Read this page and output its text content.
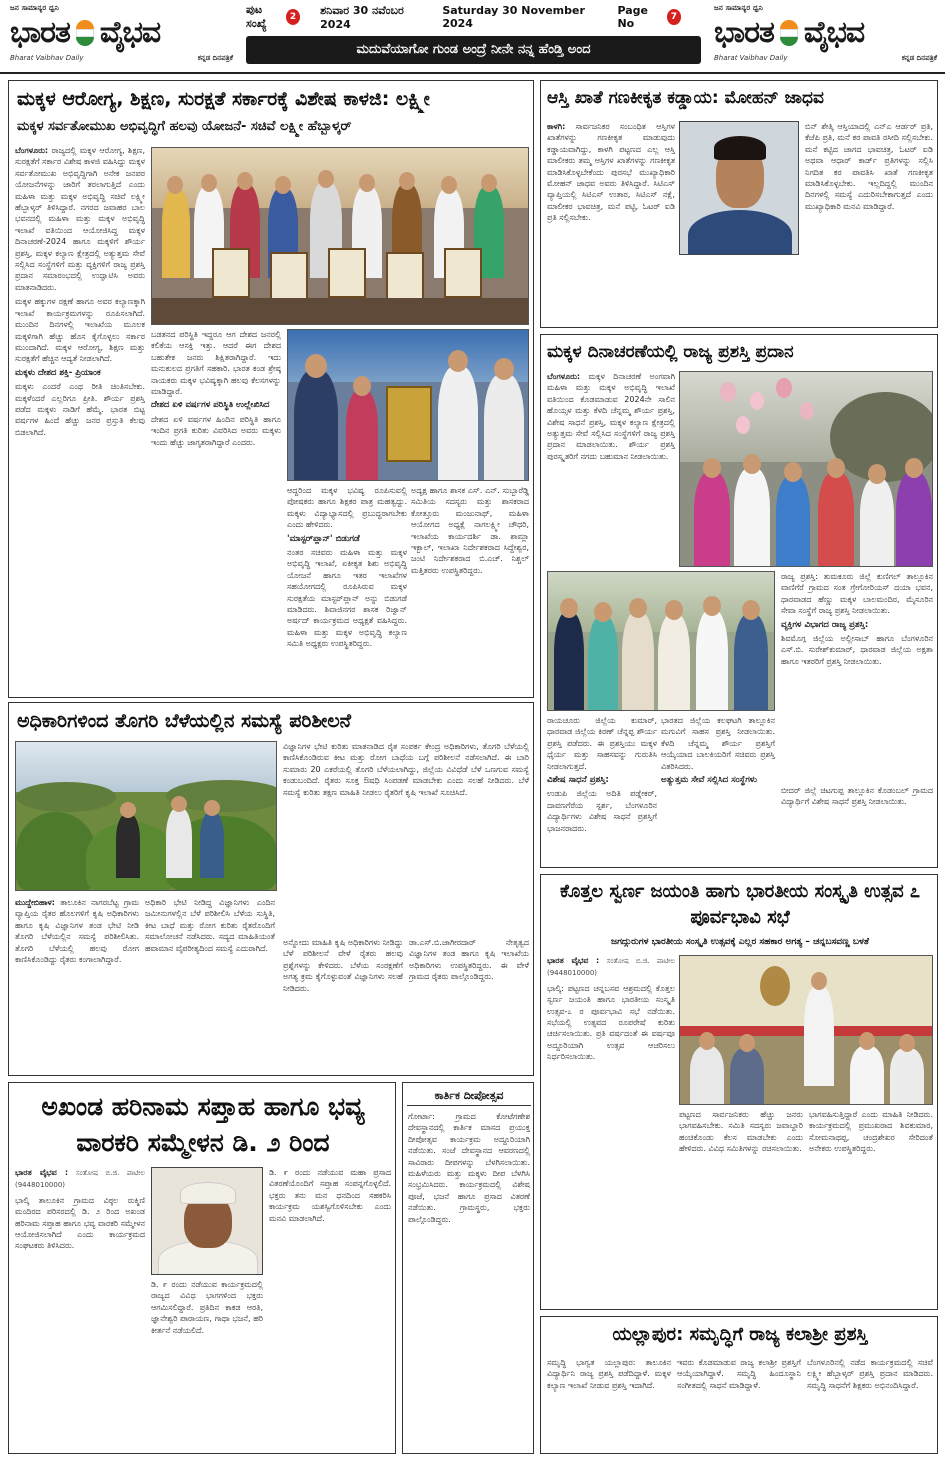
ಜನ ಸಾಮಾನ್ಯರ ಧ್ವನಿ
ಭಾರತ ವೈಭವ
Bharat Vaibhav Daily	ಕನ್ನಡ ದಿನಪತ್ರಿಕೆ
ಪುಟ ಸಂಖ್ಯೆ	2
ಶನಿವಾರ 30 ನವೆಂಬರ 2024
Saturday 30 November 2024
Page No	7
ಮದುವೆಯಾಗೋ ಗುಂಡ ಅಂದ್ರೆ ನೀನೇ ನನ್ನ ಹೆಂಡ್ತಿ ಅಂದ
ಜನ ಸಾಮಾನ್ಯರ ಧ್ವನಿ
ಭಾರತ ವೈಭವ
Bharat Vaibhav Daily	ಕನ್ನಡ ದಿನಪತ್ರಿಕೆ
ಮಕ್ಕಳ ಆರೋಗ್ಯ, ಶಿಕ್ಷಣ, ಸುರಕ್ಷತೆ ಸರ್ಕಾರಕ್ಕೆ ವಿಶೇಷ ಕಾಳಜಿ: ಲಕ್ಷ್ಮೀ
ಮಕ್ಕಳ ಸರ್ವತೋಮುಖ ಅಭಿವೃದ್ಧಿಗೆ ಹಲವು ಯೋಜನೆ- ಸಚಿವೆ ಲಕ್ಷ್ಮೀ ಹೆಬ್ಬಾಳ್ಕರ್

ಬೆಂಗಳೂರು: ರಾಜ್ಯದಲ್ಲಿ ಮಕ್ಕಳ ಆರೋಗ್ಯ, ಶಿಕ್ಷಣ, ಸುರಕ್ಷತೆಗೆ ಸರ್ಕಾರ ವಿಶೇಷ ಕಾಳಜಿ ವಹಿಸಿದ್ದು ಮಕ್ಕಳ ಸರ್ವತೋಮುಖ ಅಭಿವೃದ್ಧಿಗಾಗಿ ಅನೇಕ ಜನಪರ ಯೋಜನೆಗಳನ್ನು ಜಾರಿಗೆ ತರಲಾಗುತ್ತಿದೆ ಎಂದು ಮಹಿಳಾ ಮತ್ತು ಮಕ್ಕಳ ಅಭಿವೃದ್ಧಿ ಸಚಿವೆ ಲಕ್ಷ್ಮೀ ಹೆಬ್ಬಾಳ್ಕರ್ ತಿಳಿಸಿದ್ದಾರೆ. ನಗರದ ಜವಾಹರ ಬಾಲ ಭವನದಲ್ಲಿ ಮಹಿಳಾ ಮತ್ತು ಮಕ್ಕಳ ಅಭಿವೃದ್ಧಿ ಇಲಾಖೆ ವತಿಯಿಂದ ಆಯೋಜಿಸಿದ್ದ ಮಕ್ಕಳ ದಿನಾಚರಣೆ-2024 ಹಾಗೂ ಮಕ್ಕಳಿಗೆ ಶೌರ್ಯ ಪ್ರಶಸ್ತಿ, ಮಕ್ಕಳ ಕಲ್ಯಾಣ ಕ್ಷೇತ್ರದಲ್ಲಿ ಅತ್ಯುತ್ತಮ ಸೇವೆ ಸಲ್ಲಿಸಿದ ಸಂಸ್ಥೆಗಳಿಗೆ ಮತ್ತು ವ್ಯಕ್ತಿಗಳಿಗೆ ರಾಜ್ಯ ಪ್ರಶಸ್ತಿ ಪ್ರದಾನ ಸಮಾರಂಭದಲ್ಲಿ ಉದ್ಘಾಟಿಸಿ ಅವರು ಮಾತನಾಡಿದರು.

ಮಕ್ಕಳ ಹಕ್ಕುಗಳ ರಕ್ಷಣೆ ಹಾಗೂ ಅವರ ಕಲ್ಯಾಣಕ್ಕಾಗಿ ಇಲಾಖೆ ಕಾರ್ಯಕ್ರಮಗಳನ್ನು ರೂಪಿಸಲಾಗಿದೆ. ಮುಂದಿನ ದಿನಗಳಲ್ಲಿ ಇಲಾಖೆಯ ಮೂಲಕ ಮಕ್ಕಳಿಗಾಗಿ ಹೆಚ್ಚು ಹೊಸ ಕೈಗೊಳ್ಳಲು ಸರ್ಕಾರ ಮುಂದಾಗಿದೆ. ಮಕ್ಕಳ ಆರೋಗ್ಯ, ಶಿಕ್ಷಣ ಮತ್ತು ಸುರಕ್ಷತೆಗೆ ಹೆಚ್ಚಿನ ಆದ್ಯತೆ ನೀಡಲಾಗಿದೆ.

ಮಕ್ಕಳು ದೇಶದ ಶಕ್ತಿ- ಪ್ರಿಯಾಂಕ

ಮಕ್ಕಳು ಎಂದರೆ ಎಂಥ ರೀತಿ ಚಿಂತಿಸಬೇಕು. ಮಕ್ಕಳೆಂದರೆ ಎಲ್ಲರಿಗೂ ಪ್ರೀತಿ. ಶೌರ್ಯ ಪ್ರಶಸ್ತಿ ಪಡೆದ ಮಕ್ಕಳು ನಾಡಿಗೆ ಹೆಮ್ಮೆ. ಭಾರತ ಬಿಟ್ಟ ವರ್ಷಗಳ ಹಿಂದೆ ಹೆಚ್ಚು ಜನರ ಪ್ರಸ್ತುತಿ ಕೆಲವು ಬಿಡಲಾಗಿದೆ.

ಬಡತನದ ಪರಿಸ್ಥಿತಿ ಇದ್ದರೂ ಆಗ ದೇಶದ ಜನರಲ್ಲಿ ಕಲಿಕೆಯ ಆಸಕ್ತಿ ಇತ್ತು. ಆದರೆ ಈಗ ದೇಶದ ಬಹುತೇಕ ಜನರು ಶಿಕ್ಷಿತರಾಗಿದ್ದಾರೆ. ಇದು ಮನುಕುಲದ ಪ್ರಗತಿಗೆ ಸಹಕಾರಿ. ಭಾರತ ಕಂಡ ಶ್ರೇಷ್ಠ ನಾಯಕರು ಮಕ್ಕಳ ಭವಿಷ್ಯಕ್ಕಾಗಿ ಹಲವು ಕೆಲಸಗಳನ್ನು ಮಾಡಿದ್ದಾರೆ.

ದೇಶದ ಏಳಿ ವರ್ಷಗಳ ಪರಿಸ್ಥಿತಿ ಉಲ್ಲೇಖಿಸಿದ

ದೇಶದ ಏಳಿ ವರ್ಷಗಳ ಹಿಂದಿನ ಪರಿಸ್ಥಿತಿ ಹಾಗೂ ಇಂದಿನ ಪ್ರಗತಿ ಕುರಿತು ವಿವರಿಸಿದ ಅವರು ಮಕ್ಕಳು ಇಂದು ಹೆಚ್ಚು ಜಾಗೃತರಾಗಿದ್ದಾರೆ ಎಂದರು.

ಆದ್ದರಿಂದ ಮಕ್ಕಳ ಭವಿಷ್ಯ ರೂಪಿಸುವಲ್ಲಿ ಪೋಷಕರು ಹಾಗೂ ಶಿಕ್ಷಕರ ಪಾತ್ರ ಮಹತ್ವದ್ದು. ಮಕ್ಕಳು ವಿದ್ಯಾಭ್ಯಾಸದಲ್ಲಿ ಪ್ರಬುದ್ಧರಾಗಬೇಕು ಎಂದು ಹೇಳಿದರು.

'ಮಾಸ್ಟರ್‌ಪ್ಲಾನ್' ಬಿಡುಗಡೆ

ನಂತರ ಸಚಿವರು ಮಹಿಳಾ ಮತ್ತು ಮಕ್ಕಳ ಅಭಿವೃದ್ಧಿ ಇಲಾಖೆ, ಏಕೀಕೃತ ಶಿಶು ಅಭಿವೃದ್ಧಿ ಯೋಜನೆ ಹಾಗೂ ಇತರ ಇಲಾಖೆಗಳ ಸಹಯೋಗದಲ್ಲಿ ರೂಪಿಸಿರುವ ಮಕ್ಕಳ ಸುರಕ್ಷತೆಯ ಮಾಸ್ಟರ್‌ಪ್ಲಾನ್ ಅನ್ನು ಬಿಡುಗಡೆ ಮಾಡಿದರು. ಶಿವಾಜಿನಗರ ಶಾಸಕ ರಿಜ್ವಾನ್ ಅರ್ಷದ್ ಕಾರ್ಯಕ್ರಮದ ಅಧ್ಯಕ್ಷತೆ ವಹಿಸಿದ್ದರು. ಮಹಿಳಾ ಮತ್ತು ಮಕ್ಕಳ ಅಭಿವೃದ್ಧಿ ಕಲ್ಯಾಣ ಸಮಿತಿ ಅಧ್ಯಕ್ಷರು ಉಪಸ್ಥಿತರಿದ್ದರು.

ಅದ್ಯಕ್ಷ ಹಾಗೂ ಶಾಸಕ ಎಸ್. ಎನ್. ಸುಬ್ಬಾರೆಡ್ಡಿ ಸಮಿತಿಯ ಸದಸ್ಯರು ಮತ್ತು ಶಾಸಕರಾದ ಕೋತ್ತೂರು ಮಂಜುನಾಥ್, ಮಹಿಳಾ ಆಯೋಗದ ಅಧ್ಯಕ್ಷೆ ನಾಗಲಕ್ಷ್ಮೀ ಚೌಧರಿ, ಇಲಾಖೆಯ ಕಾರ್ಯದರ್ಶಿ ಡಾ. ಶಾಮ್ಲಾ ಇಕ್ಬಾಲ್, ಇಲಾಖಾ ನಿರ್ದೇಶಕರಾದ ಸಿದ್ದೇಶ್ವರ, ಜಂಟಿ ನಿರ್ದೇಶಕರಾದ ಬಿ.ಎಚ್. ನಿಶ್ಚಲ್ ಮತ್ತಿತರರು ಉಪಸ್ಥಿತರಿದ್ದರು.

ಆಸ್ತಿ ಖಾತೆ ಗಣಕೀಕೃತ ಕಡ್ಡಾಯ: ಮೋಹನ್ ಜಾಧವ

ಕಾಳಗಿ: ಸಾರ್ವಜನಿಕರ ಸಂಬಂಧಿತ ಆಸ್ತಿಗಳ ಖಾತೆಗಳನ್ನು ಗಣಕೀಕೃತ ಮಾಡುವುದು ಕಡ್ಡಾಯವಾಗಿದ್ದು, ಕಾಳಗಿ ಪಟ್ಟಣದ ಎಲ್ಲ ಆಸ್ತಿ ಮಾಲೀಕರು ತಮ್ಮ ಆಸ್ತಿಗಳ ಖಾತೆಗಳನ್ನು ಗಣಕೀಕೃತ ಮಾಡಿಸಿಕೊಳ್ಳಬೇಕೆಂದು ಪುರಸಭೆ ಮುಖ್ಯಾಧಿಕಾರಿ ಮೋಹನ್ ಜಾಧವ ಅವರು ತಿಳಿಸಿದ್ದಾರೆ. ಸಿಟಿಎಸ್ ವ್ಯಾಪ್ತಿಯಲ್ಲಿ ಸಿಟಿಎಸ್ ಉತಾರ, ಸಿಟಿಎಸ್ ನಕ್ಷೆ, ಮಾಲೀಕರ ಭಾವಚಿತ್ರ, ಮನೆ ಪಟ್ಟಿ, ಓಟರ್ ಐಡಿ ಪ್ರತಿ ಸಲ್ಲಿಸಬೇಕು.

ಬಿನ್ ಶೇತ್ಕಿ ಆಸ್ತಿಯಾದಲ್ಲಿ ಎನ್‌ಎ ಆರ್ಡರ್ ಪ್ರತಿ, ಕೆಜೆಪಿ ಪ್ರತಿ, ಮನೆ ಕರ ಪಾವತಿ ರಸೀದಿ ಸಲ್ಲಿಸಬೇಕು. ಮನೆ ಕಟ್ಟಿದ ಜಾಗದ ಭಾವಚಿತ್ರ, ಓಟರ್ ಐಡಿ ಅಥವಾ ಆಧಾರ್ ಕಾರ್ಡ್ ಪ್ರತಿಗಳನ್ನು ಸಲ್ಲಿಸಿ ನಿಗದಿತ ಕರ ಪಾವತಿಸಿ ಖಾತೆ ಗಣಕೀಕೃತ ಮಾಡಿಸಿಕೊಳ್ಳಬೇಕು. ಇಲ್ಲದಿದ್ದಲ್ಲಿ ಮುಂದಿನ ದಿನಗಳಲ್ಲಿ ಸಮಸ್ಯೆ ಎದುರಿಸಬೇಕಾಗುತ್ತದೆ ಎಂದು ಮುಖ್ಯಾಧಿಕಾರಿ ಮನವಿ ಮಾಡಿದ್ದಾರೆ.

ಮಕ್ಕಳ ದಿನಾಚರಣೆಯಲ್ಲಿ ರಾಜ್ಯ ಪ್ರಶಸ್ತಿ ಪ್ರದಾನ

ಬೆಂಗಳೂರು: ಮಕ್ಕಳ ದಿನಾಚರಣೆ ಅಂಗವಾಗಿ ಮಹಿಳಾ ಮತ್ತು ಮಕ್ಕಳ ಅಭಿವೃದ್ಧಿ ಇಲಾಖೆ ವತಿಯಿಂದ ಕೊಡಮಾಡುವ 2024ನೇ ಸಾಲಿನ ಹೊಯ್ಸಳ ಮತ್ತು ಕೆಳದಿ ಚೆನ್ನಮ್ಮ ಶೌರ್ಯ ಪ್ರಶಸ್ತಿ, ವಿಶೇಷ ಸಾಧನೆ ಪ್ರಶಸ್ತಿ, ಮಕ್ಕಳ ಕಲ್ಯಾಣ ಕ್ಷೇತ್ರದಲ್ಲಿ ಅತ್ಯುತ್ತಮ ಸೇವೆ ಸಲ್ಲಿಸಿದ ಸಂಸ್ಥೆಗಳಿಗೆ ರಾಜ್ಯ ಪ್ರಶಸ್ತಿ ಪ್ರದಾನ ಮಾಡಲಾಯಿತು. ಶೌರ್ಯ ಪ್ರಶಸ್ತಿ ಪುರಸ್ಕೃತರಿಗೆ ನಗದು ಬಹುಮಾನ ನೀಡಲಾಯಿತು.

ರಾಜ್ಯ ಪ್ರಶಸ್ತಿ: ತುಮಕೂರು ಜಿಲ್ಲೆ ಕುಣಿಗಲ್ ತಾಲ್ಲೂಕಿನ ವಾಣಿಗೆರೆ ಗ್ರಾಮದ ಸಂತ ಗ್ರೇಗೋರಿಯಸ್ ದಯಾ ಭವನ, ಧಾರವಾಡದ ಹೆಣ್ಣು ಮಕ್ಕಳ ಬಾಲಮಂದಿರ, ಮೈಸೂರಿನ ಸೇವಾ ಸಂಸ್ಥೆಗೆ ರಾಜ್ಯ ಪ್ರಶಸ್ತಿ ನೀಡಲಾಯಿತು.

ವ್ಯಕ್ತಿಗಳ ವಿಭಾಗದ ರಾಜ್ಯ ಪ್ರಶಸ್ತಿ:

ಶಿವಮೊಗ್ಗ ಜಿಲ್ಲೆಯ ಅಲ್ಲೀಸಾಬ್ ಹಾಗೂ ಬೆಂಗಳೂರಿನ ಎಸ್.ಬಿ. ಸುರೇಶ್‌ಕುಮಾರ್, ಧಾರವಾಡ ಜಿಲ್ಲೆಯ ಅಕ್ಷತಾ ಹಾಗೂ ಇತರರಿಗೆ ಪ್ರಶಸ್ತಿ ನೀಡಲಾಯಿತು.

ರಾಯಚೂರು ಜಿಲ್ಲೆಯ ಕುಮಾರ್, ಧಾರವಾಡ ಜಿಲ್ಲೆಯ ಕಿರಣ್ ಚೆನ್ನಪ್ಪ ಶೌರ್ಯ ಪ್ರಶಸ್ತಿ ಪಡೆದರು. ಈ ಪ್ರಶಸ್ತಿಯು ಮಕ್ಕಳ ಧೈರ್ಯ ಮತ್ತು ಸಾಹಸವನ್ನು ಗುರುತಿಸಿ ನೀಡಲಾಗುತ್ತದೆ.

ವಿಶೇಷ ಸಾಧನೆ ಪ್ರಶಸ್ತಿ:

ಉಡುಪಿ ಜಿಲ್ಲೆಯ ಅದಿತಿ ಪಡ್ನೇಕರ್, ದಾವಣಗೆರೆಯ ಸ್ಪರ್ಶ, ಬೆಂಗಳೂರಿನ ವಿದ್ಯಾರ್ಥಿಗಳು ವಿಶೇಷ ಸಾಧನೆ ಪ್ರಶಸ್ತಿಗೆ ಭಾಜನರಾದರು.

ಭಾರತದ ಜಿಲ್ಲೆಯ ಕಲಘಟಗಿ ತಾಲ್ಲೂಕಿನ ಮಗುವಿಗೆ ಸಾಹಸ ಪ್ರಶಸ್ತಿ ನೀಡಲಾಯಿತು. ಕೆಳದಿ ಚೆನ್ನಮ್ಮ ಶೌರ್ಯ ಪ್ರಶಸ್ತಿಗೆ ಆಯ್ಕೆಯಾದ ಬಾಲಕಿಯರಿಗೆ ಸಚಿವರು ಪ್ರಶಸ್ತಿ ವಿತರಿಸಿದರು.

ಅತ್ಯುತ್ತಮ ಸೇವೆ ಸಲ್ಲಿಸಿದ ಸಂಸ್ಥೆಗಳು

ಬೀದರ್ ಜಿಲ್ಲೆ ಚಿಟಗುಪ್ಪ ತಾಲ್ಲೂಕಿನ ಕೊಡಂಬಲ್ ಗ್ರಾಮದ ವಿದ್ಯಾರ್ಥಿಗೆ ವಿಶೇಷ ಸಾಧನೆ ಪ್ರಶಸ್ತಿ ನೀಡಲಾಯಿತು.

ಅಧಿಕಾರಿಗಳಿಂದ ತೊಗರಿ ಬೆಳೆಯಲ್ಲಿನ ಸಮಸ್ಯೆ ಪರಿಶೀಲನೆ

ವಿಜ್ಞಾನಿಗಳ ಭೇಟಿ ಕುರಿತು ಮಾತನಾಡಿದ ರೈತ ಸಂಪರ್ಕ ಕೇಂದ್ರ ಅಧಿಕಾರಿಗಳು, ತೊಗರಿ ಬೆಳೆಯಲ್ಲಿ ಕಾಣಿಸಿಕೊಂಡಿರುವ ಕೀಟ ಮತ್ತು ರೋಗ ಬಾಧೆಯ ಬಗ್ಗೆ ಪರಿಶೀಲನೆ ನಡೆಸಲಾಗಿದೆ. ಈ ಬಾರಿ ಸುಮಾರು 20 ಎಕರೆಯಲ್ಲಿ ತೊಗರಿ ಬೆಳೆಯಲಾಗಿದ್ದು, ಜಿಲ್ಲೆಯ ವಿವಿಧೆಡೆ ಬೆಳೆ ಒಣಗುವ ಸಮಸ್ಯೆ ಕಂಡುಬಂದಿದೆ. ರೈತರು ಸೂಕ್ತ ಔಷಧಿ ಸಿಂಪಡಣೆ ಮಾಡಬೇಕು ಎಂದು ಸಲಹೆ ನೀಡಿದರು. ಬೆಳೆ ಸಮಸ್ಯೆ ಕುರಿತು ತಕ್ಷಣ ಮಾಹಿತಿ ನೀಡಲು ರೈತರಿಗೆ ಕೃಷಿ ಇಲಾಖೆ ಸೂಚಿಸಿದೆ.

ಮುದ್ದೇಬಿಹಾಳ: ತಾಲೂಕಿನ ನಾಗರಬೆಟ್ಟ ಗ್ರಾಮ ವ್ಯಾಪ್ತಿಯ ರೈತರ ಹೊಲಗಳಿಗೆ ಕೃಷಿ ಅಧಿಕಾರಿಗಳು ಹಾಗೂ ಕೃಷಿ ವಿಜ್ಞಾನಿಗಳ ತಂಡ ಭೇಟಿ ನೀಡಿ ತೊಗರಿ ಬೆಳೆಯಲ್ಲಿನ ಸಮಸ್ಯೆ ಪರಿಶೀಲಿಸಿತು. ತೊಗರಿ ಬೆಳೆಯಲ್ಲಿ ಹಲವು ರೋಗ ಕಾಣಿಸಿಕೊಂಡಿದ್ದು ರೈತರು ಕಂಗಾಲಾಗಿದ್ದಾರೆ.

ಅಧಿಕಾರಿ ಭೇಟಿ ನೀಡಿದ್ದ ವಿಜ್ಞಾನಿಗಳು ಎಂದಿನ ಜಮೀನುಗಳಲ್ಲಿನ ಬೆಳೆ ಪರಿಶೀಲಿಸಿ ಬೆಳೆಯ ಸುಸ್ಥಿತಿ, ಕೀಟ ಬಾಧೆ ಮತ್ತು ರೋಗ ಕುರಿತು ರೈತರೊಂದಿಗೆ ಸಮಾಲೋಚನೆ ನಡೆಸಿದರು. ಸದ್ಯದ ಮಾಹಿತಿಯಂತೆ ಹವಾಮಾನ ವೈಪರೀತ್ಯದಿಂದ ಸಮಸ್ಯೆ ಎದುರಾಗಿದೆ.

ಅನ್ನೋದು ಮಾಹಿತಿ ಕೃಷಿ ಅಧಿಕಾರಿಗಳು ನೀಡಿದ್ದು ಬೆಳೆ ಪರಿಶೀಲನೆ ವೇಳೆ ರೈತರು ಹಲವು ಪ್ರಶ್ನೆಗಳನ್ನು ಕೇಳಿದರು. ಬೆಳೆಯ ಸಂರಕ್ಷಣೆಗೆ ಅಗತ್ಯ ಕ್ರಮ ಕೈಗೊಳ್ಳುವಂತೆ ವಿಜ್ಞಾನಿಗಳು ಸಲಹೆ ನೀಡಿದರು.

ಡಾ.ಎಸ್.ಬಿ.ಜಾಗೀರದಾರ್ ನೇತೃತ್ವದ ವಿಜ್ಞಾನಿಗಳ ತಂಡ ಹಾಗೂ ಕೃಷಿ ಇಲಾಖೆಯ ಅಧಿಕಾರಿಗಳು ಉಪಸ್ಥಿತರಿದ್ದರು. ಈ ವೇಳೆ ಗ್ರಾಮದ ರೈತರು ಪಾಲ್ಗೊಂಡಿದ್ದರು.

ಅಖಂಡ ಹರಿನಾಮ ಸಪ್ತಾಹ ಹಾಗೂ ಭವ್ಯ ವಾರಕರಿ ಸಮ್ಮೇಳನ ಡಿ. ೨ ರಿಂದ

ಭಾರತ ವೈಭವ : ಸಂತೋಷ ಬಿ.ಜಿ. ಪಾಟೀಲ (9448010000)

ಭಾಲ್ಕಿ ತಾಲೂಕಿನ ಗ್ರಾಮದ ವಿಠ್ಠಲ ರುಕ್ಮಿಣಿ ಮಂದಿರದ ಪರಿಸರದಲ್ಲಿ ಡಿ. ೨ ರಿಂದ ಅಖಂಡ ಹರಿನಾಮ ಸಪ್ತಾಹ ಹಾಗೂ ಭವ್ಯ ವಾರಕರಿ ಸಮ್ಮೇಳನ ಆಯೋಜಿಸಲಾಗಿದೆ ಎಂದು ಕಾರ್ಯಕ್ರಮದ ಸಂಘಟಕರು ತಿಳಿಸಿದರು.

ಡಿ. ೯ ರಂದು ನಡೆಯುವ ಕಾರ್ಯಕ್ರಮದಲ್ಲಿ ರಾಜ್ಯದ ವಿವಿಧ ಭಾಗಗಳಿಂದ ಭಕ್ತರು ಆಗಮಿಸಲಿದ್ದಾರೆ. ಪ್ರತಿದಿನ ಕಾಕಡ ಆರತಿ, ಜ್ಞಾನೇಶ್ವರಿ ಪಾರಾಯಣ, ಗಾಥಾ ಭಜನೆ, ಹರಿ ಕೀರ್ತನೆ ನಡೆಯಲಿದೆ.

ಡಿ. ೯ ರಂದು ನಡೆಯುವ ಮಹಾ ಪ್ರಸಾದ ವಿತರಣೆಯೊಂದಿಗೆ ಸಪ್ತಾಹ ಸಂಪನ್ನಗೊಳ್ಳಲಿದೆ. ಭಕ್ತರು ತನು ಮನ ಧನದಿಂದ ಸಹಕರಿಸಿ ಕಾರ್ಯಕ್ರಮ ಯಶಸ್ವಿಗೊಳಿಸಬೇಕು ಎಂದು ಮನವಿ ಮಾಡಲಾಗಿದೆ.

ಕಾರ್ತಿಕ ದೀಪೋತ್ಸವ

ಗೋರ್ಟಾ: ಗ್ರಾಮದ ಕೋಟೆಗಣೇಶ ದೇವಸ್ಥಾನದಲ್ಲಿ ಕಾರ್ತಿಕ ಮಾಸದ ಪ್ರಯುಕ್ತ ದೀಪೋತ್ಸವ ಕಾರ್ಯಕ್ರಮ ಅದ್ದೂರಿಯಾಗಿ ನಡೆಯಿತು. ಸಂಜೆ ದೇವಸ್ಥಾನದ ಆವರಣದಲ್ಲಿ ಸಾವಿರಾರು ದೀಪಗಳನ್ನು ಬೆಳಗಿಸಲಾಯಿತು. ಮಹಿಳೆಯರು ಮತ್ತು ಮಕ್ಕಳು ದೀಪ ಬೆಳಗಿಸಿ ಸಂಭ್ರಮಿಸಿದರು. ಕಾರ್ಯಕ್ರಮದಲ್ಲಿ ವಿಶೇಷ ಪೂಜೆ, ಭಜನೆ ಹಾಗೂ ಪ್ರಸಾದ ವಿತರಣೆ ನಡೆಯಿತು. ಗ್ರಾಮಸ್ಥರು, ಭಕ್ತರು ಪಾಲ್ಗೊಂಡಿದ್ದರು.

ಕೊತ್ತಲ ಸ್ವರ್ಣ ಜಯಂತಿ ಹಾಗು ಭಾರತೀಯ ಸಂಸ್ಕೃತಿ ಉತ್ಸವ ೭ ಪೂರ್ವಭಾವಿ ಸಭೆ
ಜಗದ್ಗುರುಗಳ ಭಾರತೀಯ ಸಂಸ್ಕೃತಿ ಉತ್ಸವಕ್ಕೆ ಎಲ್ಲರ ಸಹಕಾರ ಅಗತ್ಯ – ಚನ್ನಬಸವಣ್ಣ ಬಳತೆ

ಭಾರತ ವೈಭವ : ಸಂತೋಷ ಬಿ.ಜಿ. ಪಾಟೀಲ (9448010000)

ಭಾಲ್ಕಿ: ಪಟ್ಟಣದ ಚನ್ನಬಸವ ಆಶ್ರಮದಲ್ಲಿ ಕೊತ್ತಲ ಸ್ವರ್ಣ ಜಯಂತಿ ಹಾಗೂ ಭಾರತೀಯ ಸಂಸ್ಕೃತಿ ಉತ್ಸವ-೭ ರ ಪೂರ್ವಭಾವಿ ಸಭೆ ನಡೆಯಿತು. ಸಭೆಯಲ್ಲಿ ಉತ್ಸವದ ರೂಪರೇಷೆ ಕುರಿತು ಚರ್ಚಿಸಲಾಯಿತು. ಪ್ರತಿ ವರ್ಷದಂತೆ ಈ ವರ್ಷವೂ ಅದ್ದೂರಿಯಾಗಿ ಉತ್ಸವ ಆಚರಿಸಲು ನಿರ್ಧರಿಸಲಾಯಿತು.

ಪಟ್ಟಣದ ಸಾರ್ವಜನಿಕರು ಹೆಚ್ಚು ಜನರು ಭಾಗವಹಿಸಬೇಕು. ಸಮಿತಿ ಸದಸ್ಯರು ಜವಾಬ್ದಾರಿ ಹಂಚಿಕೊಂಡು ಕೆಲಸ ಮಾಡಬೇಕು ಎಂದು ಹೇಳಿದರು. ವಿವಿಧ ಸಮಿತಿಗಳನ್ನು ರಚಿಸಲಾಯಿತು.

ಭಾಗವಹಿಸುತ್ತಿದ್ದಾರೆ ಎಂದು ಮಾಹಿತಿ ನೀಡಿದರು. ಕಾರ್ಯಕ್ರಮದಲ್ಲಿ ಪ್ರಮುಖರಾದ ಶಿವಕುಮಾರ, ಸೋಮನಾಥಪ್ಪ, ಚಂದ್ರಶೇಖರ ಸೇರಿದಂತೆ ಅನೇಕರು ಉಪಸ್ಥಿತರಿದ್ದರು.

ಯಲ್ಲಾಪುರ: ಸಮೃದ್ಧಿಗೆ ರಾಜ್ಯ ಕಲಾಶ್ರೀ ಪ್ರಶಸ್ತಿ

ಸಮೃದ್ಧಿ ಭಾಗ್ವತ ಯಲ್ಲಾಪುರ: ತಾಲೂಕಿನ ವಿದ್ಯಾರ್ಥಿನಿ ರಾಜ್ಯ ಪ್ರಶಸ್ತಿ ಪಡೆದಿದ್ದಾಳೆ. ಮಕ್ಕಳ ಕಲ್ಯಾಣ ಇಲಾಖೆ ನೀಡುವ ಪ್ರಶಸ್ತಿ ಇದಾಗಿದೆ.

ಇವರು ಕೊಡಮಾಡುವ ರಾಜ್ಯ ಕಲಾಶ್ರೀ ಪ್ರಶಸ್ತಿಗೆ ಆಯ್ಕೆಯಾಗಿದ್ದಾಳೆ. ಸಮೃದ್ಧಿ ಹಿಂದೂಸ್ಥಾನಿ ಸಂಗೀತದಲ್ಲಿ ಸಾಧನೆ ಮಾಡಿದ್ದಾಳೆ.

ಬೆಂಗಳೂರಿನಲ್ಲಿ ನಡೆದ ಕಾರ್ಯಕ್ರಮದಲ್ಲಿ ಸಚಿವೆ ಲಕ್ಷ್ಮೀ ಹೆಬ್ಬಾಳ್ಕರ್ ಪ್ರಶಸ್ತಿ ಪ್ರದಾನ ಮಾಡಿದರು. ಸಮೃದ್ಧಿ ಸಾಧನೆಗೆ ಶಿಕ್ಷಕರು ಅಭಿನಂದಿಸಿದ್ದಾರೆ.
